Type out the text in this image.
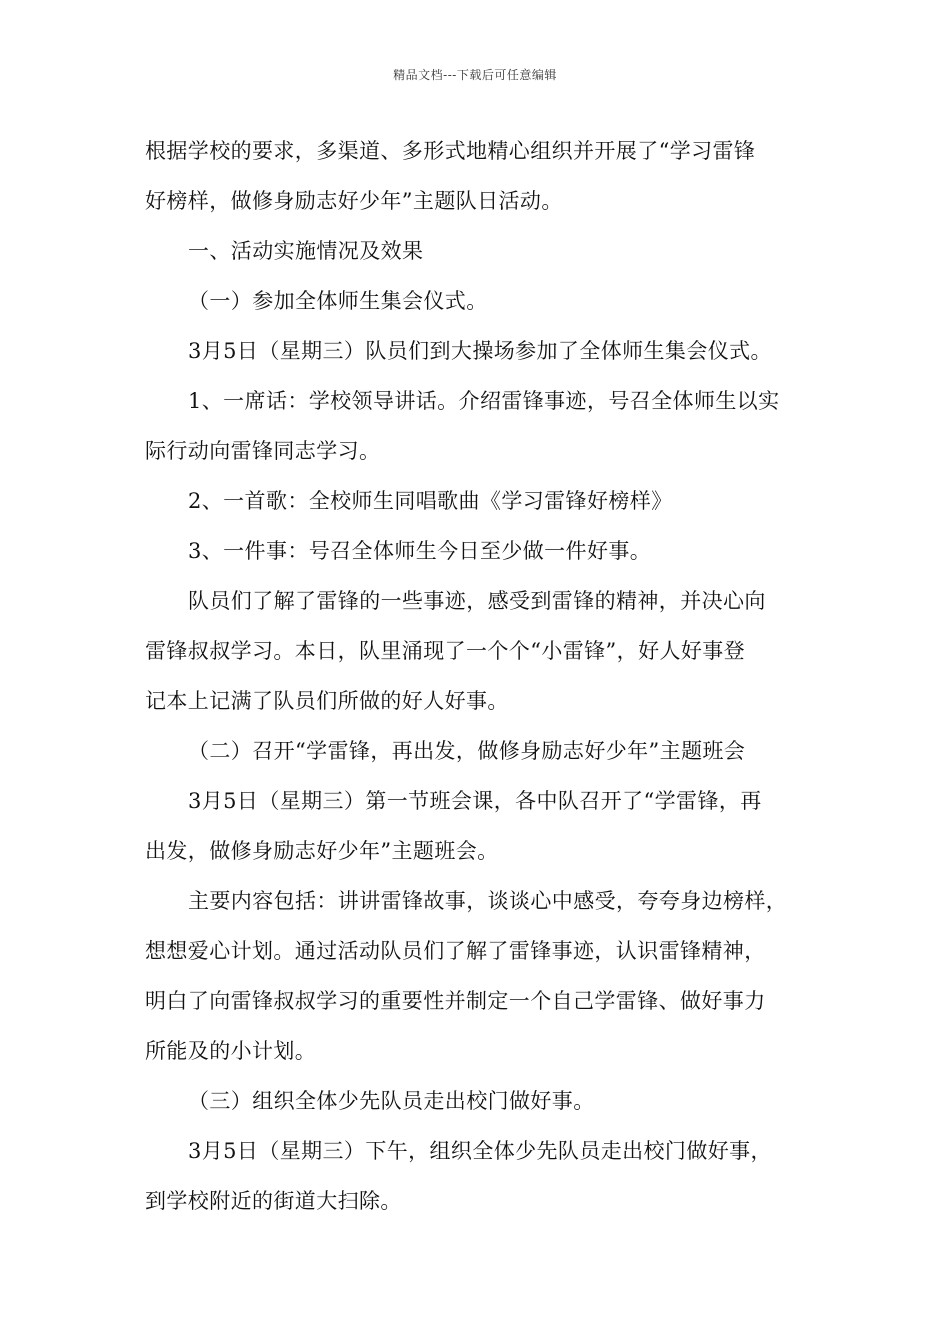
精品文档---下载后可任意编辑
根据学校的要求，多渠道、多形式地精心组织并开展了“学习雷锋
好榜样，做修身励志好少年”主题队日活动。
一、活动实施情况及效果
（一）参加全体师生集会仪式。
3月5日（星期三）队员们到大操场参加了全体师生集会仪式。
1、一席话：学校领导讲话。介绍雷锋事迹，号召全体师生以实
际行动向雷锋同志学习。
2、一首歌：全校师生同唱歌曲《学习雷锋好榜样》
3、一件事：号召全体师生今日至少做一件好事。
队员们了解了雷锋的一些事迹，感受到雷锋的精神，并决心向
雷锋叔叔学习。本日，队里涌现了一个个“小雷锋”，好人好事登
记本上记满了队员们所做的好人好事。
（二）召开“学雷锋，再出发，做修身励志好少年”主题班会
3月5日（星期三）第一节班会课，各中队召开了“学雷锋，再
出发，做修身励志好少年”主题班会。
主要内容包括：讲讲雷锋故事，谈谈心中感受，夸夸身边榜样，
想想爱心计划。通过活动队员们了解了雷锋事迹，认识雷锋精神，
明白了向雷锋叔叔学习的重要性并制定一个自己学雷锋、做好事力
所能及的小计划。
（三）组织全体少先队员走出校门做好事。
3月5日（星期三）下午，组织全体少先队员走出校门做好事，
到学校附近的街道大扫除。
